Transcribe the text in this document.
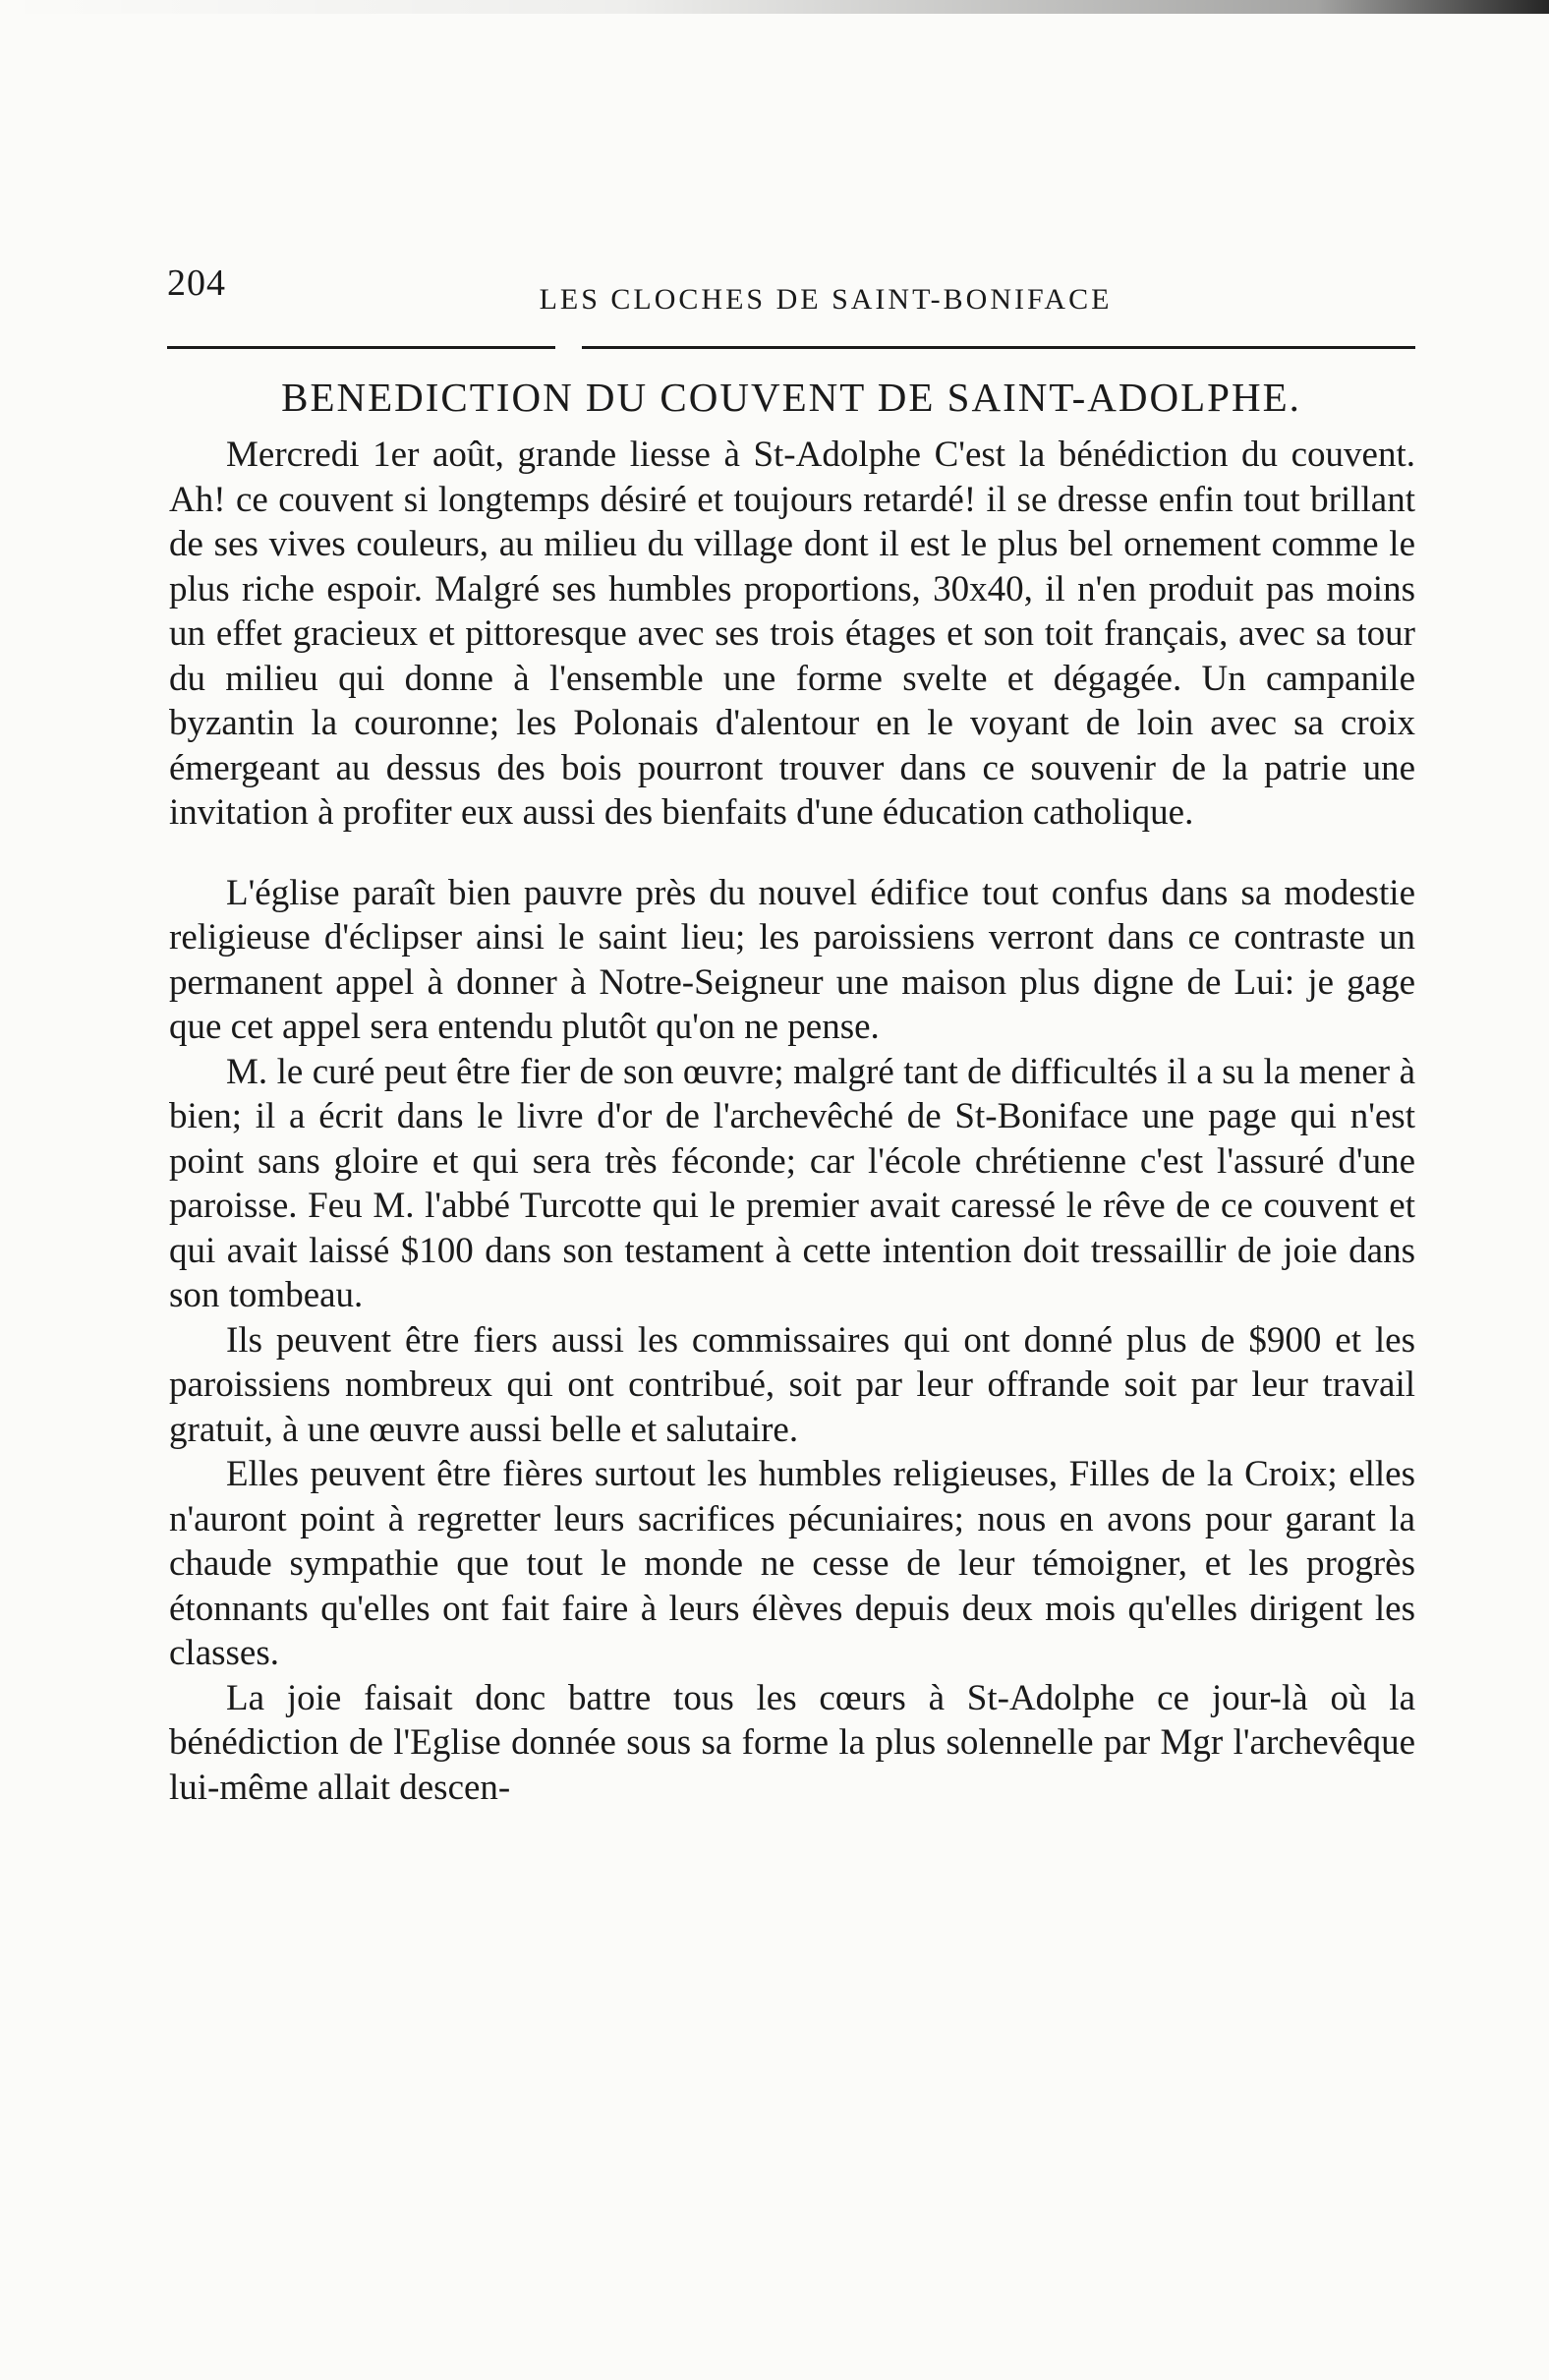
204	LES CLOCHES DE SAINT-BONIFACE
BENEDICTION DU COUVENT DE SAINT-ADOLPHE.

Mercredi 1er août, grande liesse à St-Adolphe C'est la bénédiction du couvent. Ah! ce couvent si longtemps désiré et toujours retardé! il se dresse enfin tout brillant de ses vives couleurs, au milieu du village dont il est le plus bel ornement comme le plus riche espoir. Malgré ses humbles proportions, 30x40, il n'en produit pas moins un effet gracieux et pittoresque avec ses trois étages et son toit français, avec sa tour du milieu qui donne à l'ensemble une forme svelte et dégagée. Un campanile byzantin la couronne; les Polonais d'alentour en le voyant de loin avec sa croix émergeant au dessus des bois pourront trouver dans ce souvenir de la patrie une invitation à profiter eux aussi des bienfaits d'une éducation catholique.

L'église paraît bien pauvre près du nouvel édifice tout confus dans sa modestie religieuse d'éclipser ainsi le saint lieu; les paroissiens verront dans ce contraste un permanent appel à donner à Notre-Seigneur une maison plus digne de Lui: je gage que cet appel sera entendu plutôt qu'on ne pense.

M. le curé peut être fier de son œuvre; malgré tant de difficultés il a su la mener à bien; il a écrit dans le livre d'or de l'archevêché de St-Boniface une page qui n'est point sans gloire et qui sera très féconde; car l'école chrétienne c'est l'assuré d'une paroisse. Feu M. l'abbé Turcotte qui le premier avait caressé le rêve de ce couvent et qui avait laissé $100 dans son testament à cette intention doit tressaillir de joie dans son tombeau.

Ils peuvent être fiers aussi les commissaires qui ont donné plus de $900 et les paroissiens nombreux qui ont contribué, soit par leur offrande soit par leur travail gratuit, à une œuvre aussi belle et salutaire.

Elles peuvent être fières surtout les humbles religieuses, Filles de la Croix; elles n'auront point à regretter leurs sacrifices pécuniaires; nous en avons pour garant la chaude sympathie que tout le monde ne cesse de leur témoigner, et les progrès étonnants qu'elles ont fait faire à leurs élèves depuis deux mois qu'elles dirigent les classes.

La joie faisait donc battre tous les cœurs à St-Adolphe ce jour-là où la bénédiction de l'Eglise donnée sous sa forme la plus solennelle par Mgr l'archevêque lui-même allait descen-
